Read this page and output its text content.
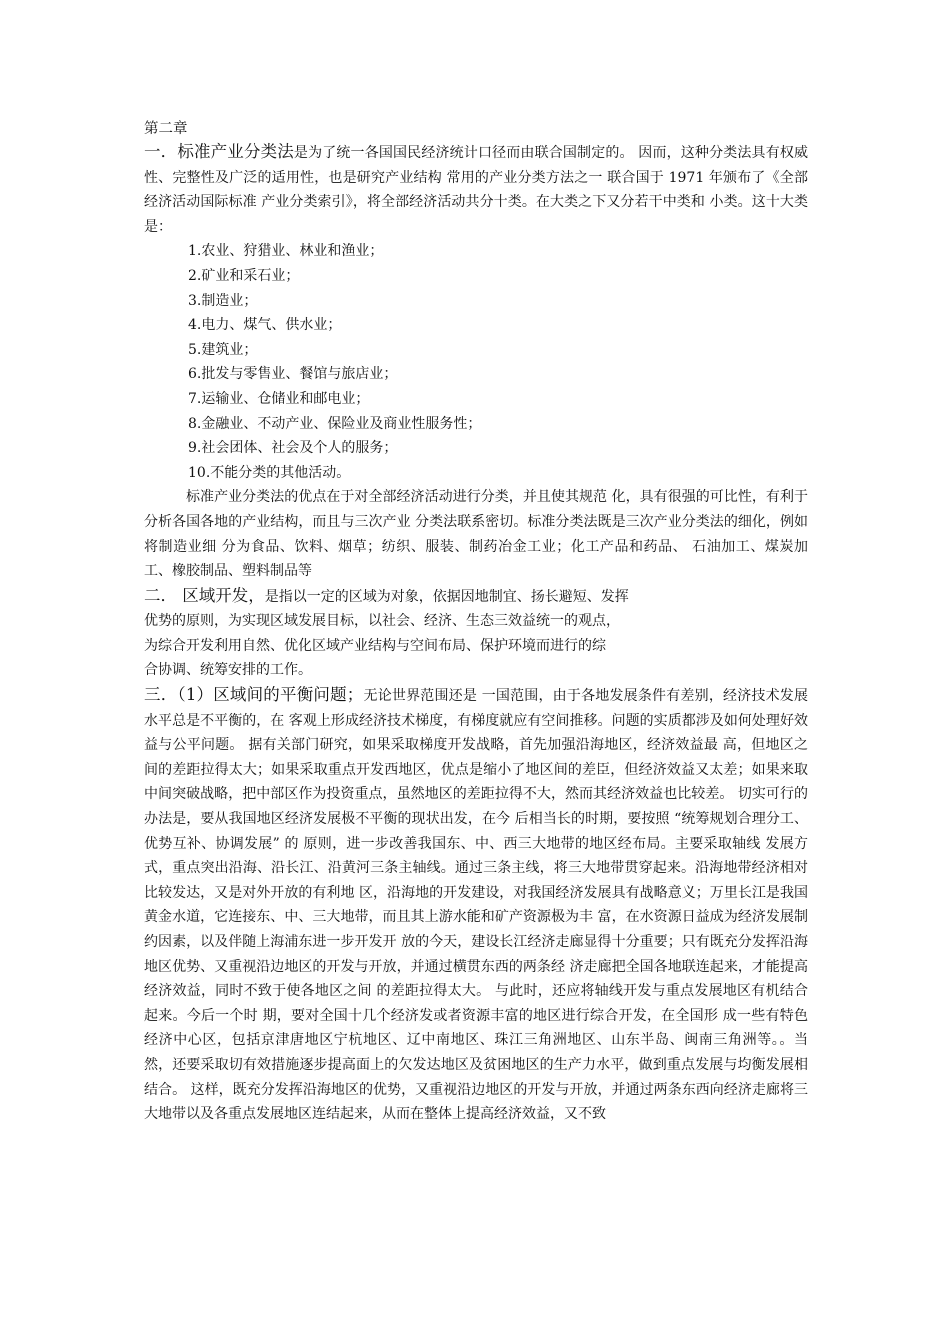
第二章

一．标准产业分类法是为了统一各国国民经济统计口径而由联合国制定的。 因而，这种分类法具有权威性、完整性及广泛的适用性，也是研究产业结构 常用的产业分类方法之一 联合国于 1971 年颁布了《全部经济活动国际标准 产业分类索引》，将全部经济活动共分十类。在大类之下又分若干中类和 小类。这十大类是：

1.农业、狩猎业、林业和渔业；
2.矿业和采石业；
3.制造业；
4.电力、煤气、供水业；
5.建筑业；
6.批发与零售业、餐馆与旅店业；
7.运输业、仓储业和邮电业；
8.金融业、不动产业、保险业及商业性服务性；
9.社会团体、社会及个人的服务；
10.不能分类的其他活动。

标准产业分类法的优点在于对全部经济活动进行分类，并且使其规范 化，具有很强的可比性，有利于分析各国各地的产业结构，而且与三次产业 分类法联系密切。标准分类法既是三次产业分类法的细化，例如将制造业细 分为食品、饮料、烟草；纺织、服装、制药冶金工业；化工产品和药品、 石油加工、煤炭加工、橡胶制品、塑料制品等

二． 区域开发，是指以一定的区域为对象，依据因地制宜、扬长避短、发挥

优势的原则，为实现区域发展目标，以社会、经济、生态三效益统一的观点，

为综合开发利用自然、优化区域产业结构与空间布局、保护环境而进行的综

合协调、统筹安排的工作。

三．（1）区域间的平衡问题；无论世界范围还是 一国范围，由于各地发展条件有差别，经济技术发展水平总是不平衡的，在 客观上形成经济技术梯度，有梯度就应有空间推移。问题的实质都涉及如何处理好效益与公平问题。 据有关部门研究，如果采取梯度开发战略，首先加强沿海地区，经济效益最 高，但地区之间的差距拉得太大；如果采取重点开发西地区，优点是缩小了地区间的差臣，但经济效益又太差；如果来取中间突破战略，把中部区作为投资重点，虽然地区的差距拉得不大，然而其经济效益也比较差。 切实可行的办法是，要从我国地区经济发展极不平衡的现状出发，在今 后相当长的时期，要按照 “统筹规划合理分工、优势互补、协调发展” 的 原则，进一步改善我国东、中、西三大地带的地区经布局。主要采取轴线 发展方式，重点突出沿海、沿长江、沿黄河三条主轴线。通过三条主线，将三大地带贯穿起来。沿海地带经济相对比较发达，又是对外开放的有利地 区，沿海地的开发建设，对我国经济发展具有战略意义；万里长江是我国 黄金水道，它连接东、中、三大地带，而且其上游水能和矿产资源极为丰 富，在水资源日益成为经济发展制约因素，以及伴随上海浦东进一步开发开 放的今天，建设长江经济走廊显得十分重要；只有既充分发挥沿海地区优势、又重视沿边地区的开发与开放，并通过横贯东西的两条经 济走廊把全国各地联连起来，才能提高经济效益，同时不致于使各地区之间 的差距拉得太大。 与此时，还应将轴线开发与重点发展地区有机结合起来。今后一个时 期，要对全国十几个经济发或者资源丰富的地区进行综合开发，在全国形 成一些有特色经济中心区，包括京津唐地区宁杭地区、辽中南地区、珠江三角洲地区、山东半岛、闽南三角洲等。。当然，还要采取切有效措施逐步提高面上的欠发达地区及贫困地区的生产力水平，做到重点发展与均衡发展相结合。 这样，既充分发挥沿海地区的优势，又重视沿边地区的开发与开放，并通过两条东西向经济走廊将三大地带以及各重点发展地区连结起来，从而在整体上提高经济效益，又不致
